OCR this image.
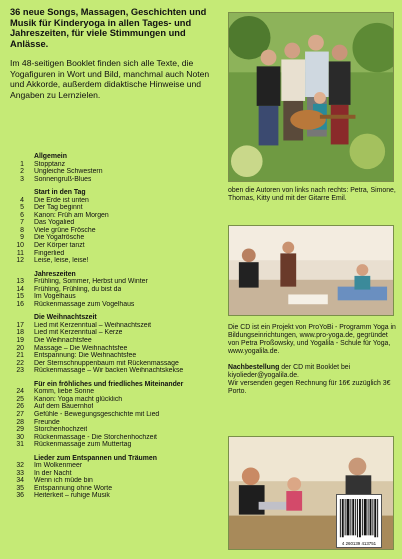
36 neue Songs, Massagen, Geschichten und Musik für Kinderyoga in allen Tages- und Jahreszeiten, für viele Stimmungen und Anlässe.

Im 48-seitigen Booklet finden sich alle Texte, die Yogafiguren in Wort und Bild, manchmal auch Noten und Akkorde, außerdem didaktische Hinweise und Angaben zu Lernzielen.

Allgemein
1	Stopptanz
2	Ungleiche Schwestern
3	Sonnengruß-Blues
Start in den Tag
4	Die Erde ist unten
5	Der Tag beginnt
6	Kanon: Früh am Morgen
7	Das Yogalied
8	Viele grüne Frösche
9	Die Yogafrösche
10	Der Körper tanzt
11	Fingerlied
12	Leise, leise, leise!
Jahreszeiten
13	Frühling, Sommer, Herbst und Winter
14	Frühling, Frühling, du bist da
15	Im Vogelhaus
16	Rückenmassage zum Vogelhaus
Die Weihnachtszeit
17	Lied mit Kerzenritual – Weihnachtszeit
18	Lied mit Kerzenritual – Kerze
19	Die Weihnachtsfee
20	Massage – Die Weihnachtsfee
21	Entspannung: Die Weihnachtsfee
22	Der Sternschnuppenbaum mit Rückenmassage
23	Rückenmassage – Wir backen Weihnachtskekse
Für ein fröhliches und friedliches Miteinander
24	Komm, liebe Sonne
25	Kanon: Yoga macht glücklich
26	Auf dem Bauernhof
27	Gefühle - Bewegungsgeschichte mit Lied
28	Freunde
29	Storchenhochzeit
30	Rückenmassage - Die Storchenhochzeit
31	Rückenmassage zum Muttertag
Lieder zum Entspannen und Träumen
32	Im Wolkenmeer
33	In der Nacht
34	Wenn ich müde bin
35	Entspannung ohne Worte
36	Heiterkeit – ruhige Musik
oben die Autoren von links nach rechts: Petra, Simone, Thomas, Kitty und mit der Gitarre Emil.

Die CD ist ein Projekt von ProYoBi - Programm Yoga in Bildungseinrichtungen, www.pro-yoga.de, gegründet von Petra Proßowsky, und Yogalila - Schule für Yoga, www.yogalila.de.

Nachbestellung der CD mit Booklet bei kiyolieder@yogalila.de.
Wir versenden gegen Rechnung für 16€ zuzüglich 3€ Porto.

4 260139 413751
